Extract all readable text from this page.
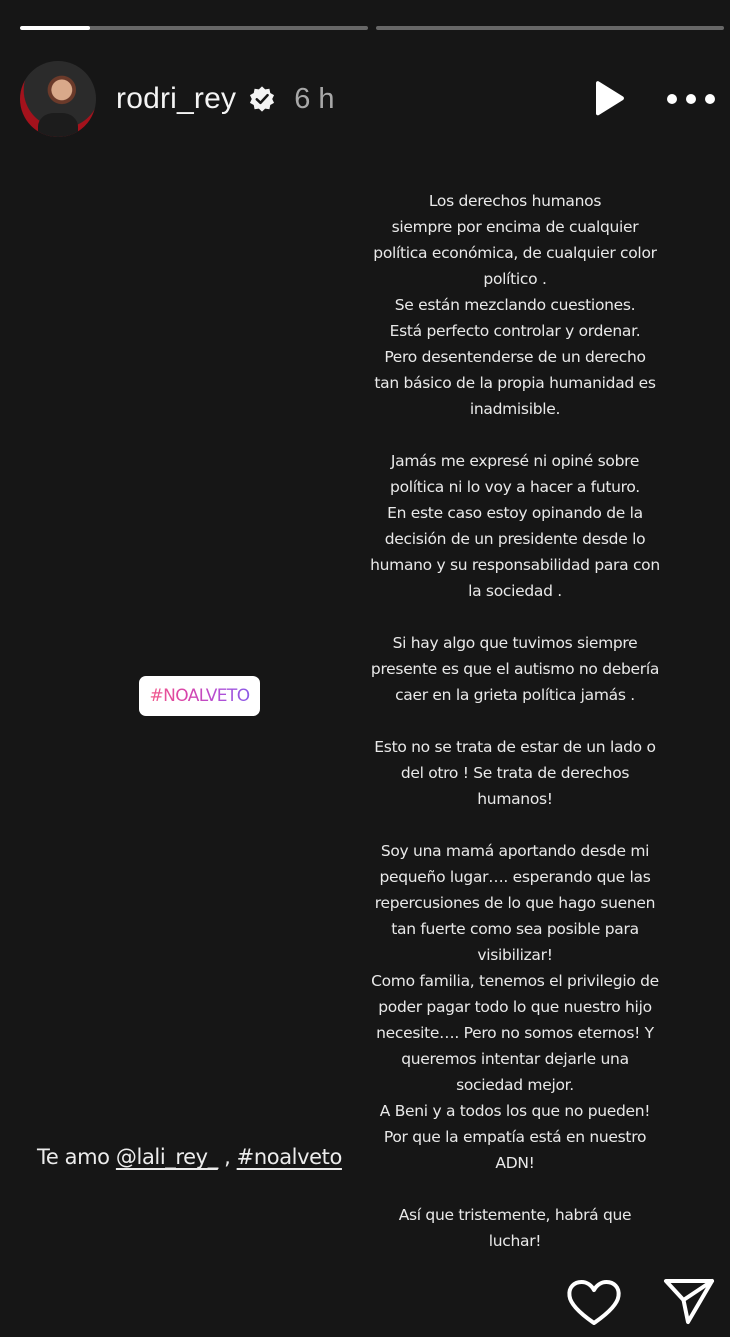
rodri_rey 6 h

Los derechos humanos
siempre por encima de cualquier
política económica, de cualquier color
político .
Se están mezclando cuestiones.
Está perfecto controlar y ordenar.
Pero desentenderse de un derecho
tan básico de la propia humanidad es
inadmisible.

Jamás me expresé ni opiné sobre
política ni lo voy a hacer a futuro.
En este caso estoy opinando de la
decisión de un presidente desde lo
humano y su responsabilidad para con
la sociedad .

Si hay algo que tuvimos siempre
presente es que el autismo no debería
caer en la grieta política jamás .

Esto no se trata de estar de un lado o
del otro ! Se trata de derechos
humanos!

Soy una mamá aportando desde mi
pequeño lugar…. esperando que las
repercusiones de lo que hago suenen
tan fuerte como sea posible para
visibilizar!
Como familia, tenemos el privilegio de
poder pagar todo lo que nuestro hijo
necesite…. Pero no somos eternos! Y
queremos intentar dejarle una
sociedad mejor.
A Beni y a todos los que no pueden!
Por que la empatía está en nuestro
ADN!

Así que tristemente, habrá que
luchar!

#NOALVETO
Te amo @lali_rey_ , #noalveto
